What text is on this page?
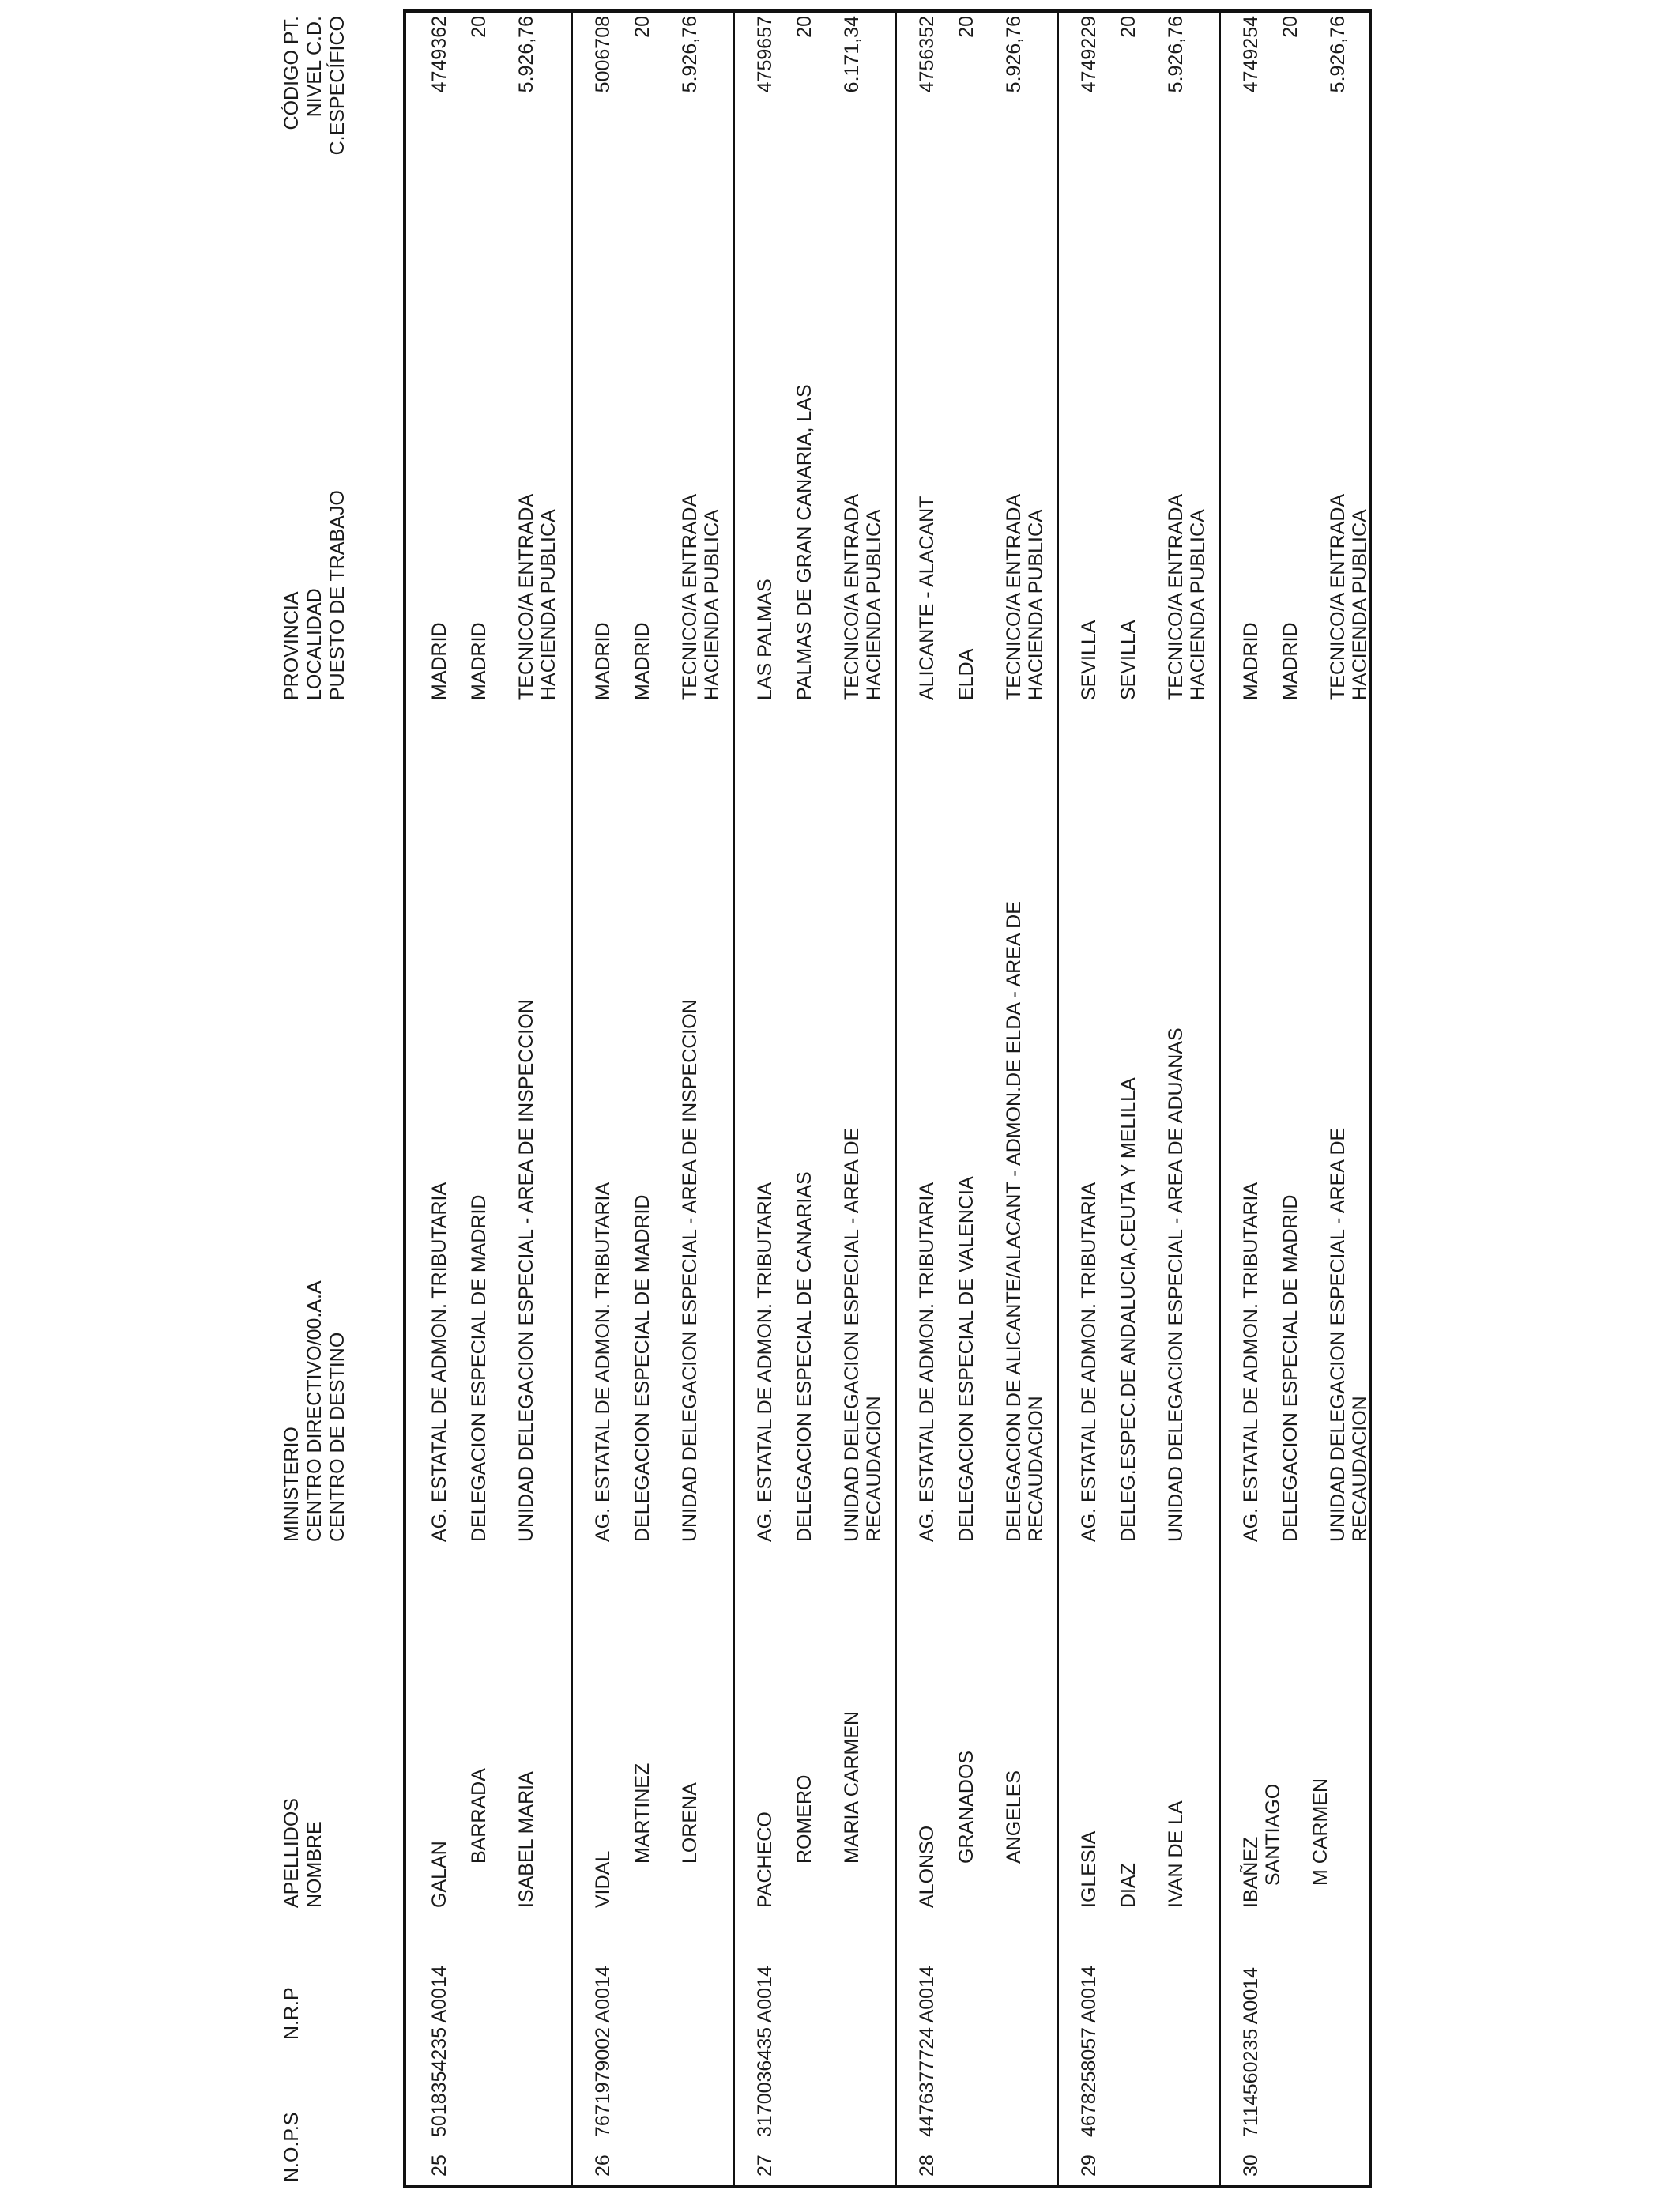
N.O.P.S
N.R.P
APELLIDOS NOMBRE
MINISTERIO CENTRO DIRECTIVO/00.A.A CENTRO DE DESTINO
PROVINCIA LOCALIDAD PUESTO DE TRABAJO
CÓDIGO PT. NIVEL C.D. C.ESPECÍFICO
25
5018354235 A0014
GALAN
BARRADA ISABEL MARIA
AG. ESTATAL DE ADMON. TRIBUTARIA DELEGACION ESPECIAL DE MADRID UNIDAD DELEGACION ESPECIAL - AREA DE INSPECCION
MADRID MADRID TECNICO/A ENTRADA HACIENDA PUBLICA
4749362 20 5.926,76
26
7671979002 A0014
VIDAL
MARTINEZ LORENA
AG. ESTATAL DE ADMON. TRIBUTARIA DELEGACION ESPECIAL DE MADRID UNIDAD DELEGACION ESPECIAL - AREA DE INSPECCION
MADRID MADRID TECNICO/A ENTRADA HACIENDA PUBLICA
5006708 20 5.926,76
27
3170036435 A0014
PACHECO ROMERO MARIA CARMEN
AG. ESTATAL DE ADMON. TRIBUTARIA DELEGACION ESPECIAL DE CANARIAS UNIDAD DELEGACION ESPECIAL - AREA DE RECAUDACION
LAS PALMAS PALMAS DE GRAN CANARIA, LAS TECNICO/A ENTRADA HACIENDA PUBLICA
4759657 20 6.171,34
28
4476377724 A0014
ALONSO
GRANADOS ANGELES
AG. ESTATAL DE ADMON. TRIBUTARIA DELEGACION ESPECIAL DE VALENCIA DELEGACION DE ALICANTE/ALACANT - ADMON.DE ELDA - AREA DE RECAUDACION
ALICANTE - ALACANT ELDA TECNICO/A ENTRADA HACIENDA PUBLICA
4756352 20 5.926,76
29
4678258057 A0014
IGLESIA DIAZ IVAN DE LA
AG. ESTATAL DE ADMON. TRIBUTARIA DELEG.ESPEC.DE ANDALUCIA,CEUTA Y MELILLA UNIDAD DELEGACION ESPECIAL - AREA DE ADUANAS
SEVILLA SEVILLA TECNICO/A ENTRADA HACIENDA PUBLICA
4749229 20 5.926,76
30
7114560235 A0014
IBAÑEZ SANTIAGO M CARMEN
AG. ESTATAL DE ADMON. TRIBUTARIA DELEGACION ESPECIAL DE MADRID UNIDAD DELEGACION ESPECIAL - AREA DE RECAUDACION
MADRID MADRID TECNICO/A ENTRADA HACIENDA PUBLICA
4749254 20 5.926,76
